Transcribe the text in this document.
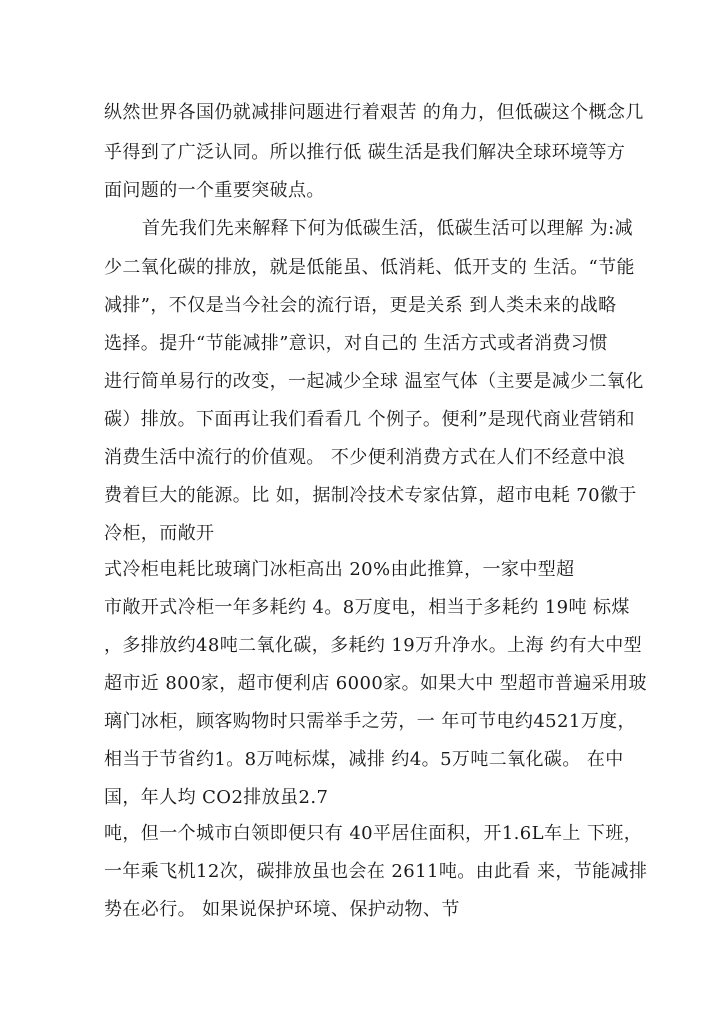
纵然世界各国仍就减排问题进行着艰苦 的角力，但低碳这个概念几
乎得到了广泛认同。所以推行低 碳生活是我们解决全球环境等方
面问题的一个重要突破点。
首先我们先来解释下何为低碳生活，低碳生活可以理解 为:减
少二氧化碳的排放，就是低能虽、低消耗、低开支的 生活。“节能
减排”，不仅是当今社会的流行语，更是关系 到人类未来的战略
选择。提升“节能减排”意识，对自己的 生活方式或者消费习惯
进行简单易行的改变，一起减少全球 温室气体（主要是减少二氧化
碳）排放。下面再让我们看看几 个例子。便利”是现代商业营销和
消费生活中流行的价值观。 不少便利消费方式在人们不经意中浪
费着巨大的能源。比 如，据制冷技术专家估算，超市电耗 70徽于
冷柜，而敞开
式冷柜电耗比玻璃门冰柜高出 20%由此推算，一家中型超
市敞开式冷柜一年多耗约 4。8万度电，相当于多耗约 19吨 标煤
，多排放约48吨二氧化碳，多耗约 19万升净水。上海 约有大中型
超市近 800家，超市便利店 6000家。如果大中 型超市普遍采用玻
璃门冰柜，顾客购物时只需举手之劳，一 年可节电约4521万度，
相当于节省约1。8万吨标煤，减排 约4。5万吨二氧化碳。 在中
国，年人均 CO2排放虽2.7
吨，但一个城市白领即便只有 40平居住面积，开1.6L车上 下班，
一年乘飞机12次，碳排放虽也会在 2611吨。由此看 来，节能减排
势在必行。 如果说保护环境、保护动物、节
